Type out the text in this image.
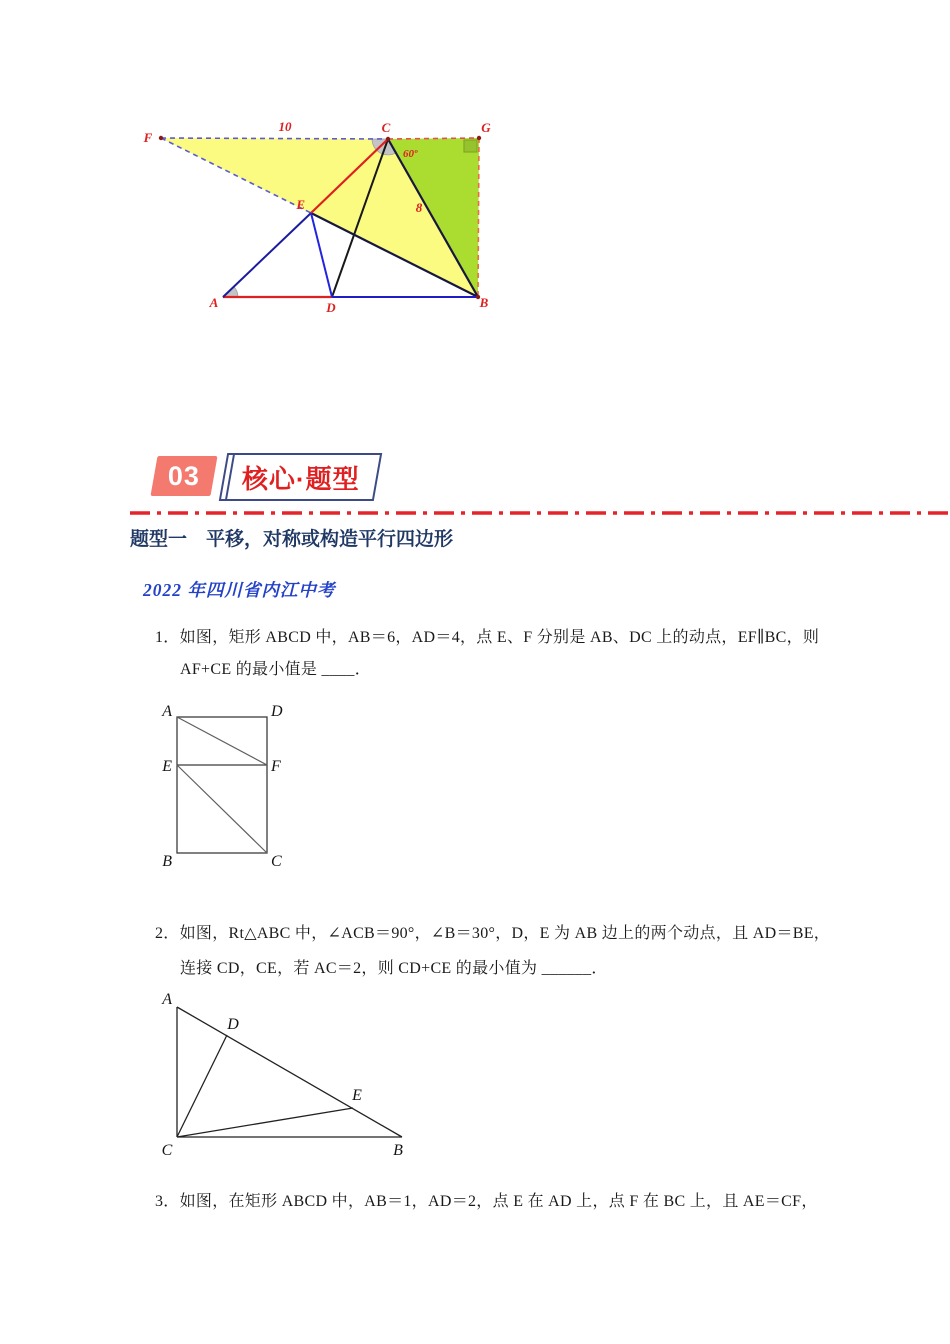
F
10	C	G
60º
E	8
A	D	B
03 核心·题型
题型一　平移，对称或构造平行四边形
2022 年四川省内江中考
1．如图，矩形 ABCD 中，AB＝6，AD＝4，点 E、F 分别是 AB、DC 上的动点，EF∥BC，则
AF+CE 的最小值是 ____．
A	D
E	F
B	C
2．如图，Rt△ABC 中，∠ACB＝90°，∠B＝30°，D，E 为 AB 边上的两个动点，且 AD＝BE，
连接 CD，CE，若 AC＝2，则 CD+CE 的最小值为 ______．
A
D
E
C	B
3．如图，在矩形 ABCD 中，AB＝1，AD＝2，点 E 在 AD 上，点 F 在 BC 上，且 AE＝CF，
